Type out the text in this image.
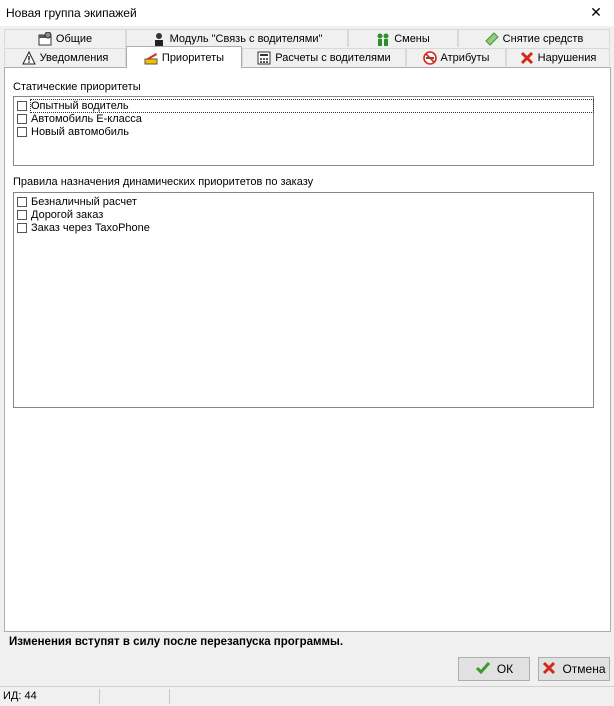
Новая группа экипажей	✕
Общие	Модуль "Связь с водителями"	Смены	Снятие средств
Уведомления	Приоритеты	Расчеты с водителями	Атрибуты	Нарушения
Статические приоритеты
Опытный водитель
Автомобиль Е-класса
Новый автомобиль
Правила назначения динамических приоритетов по заказу
Безналичный расчет
Дорогой заказ
Заказ через TaxoPhone
Изменения вступят в силу после перезапуска программы.
ОК	Отмена
ИД: 44
